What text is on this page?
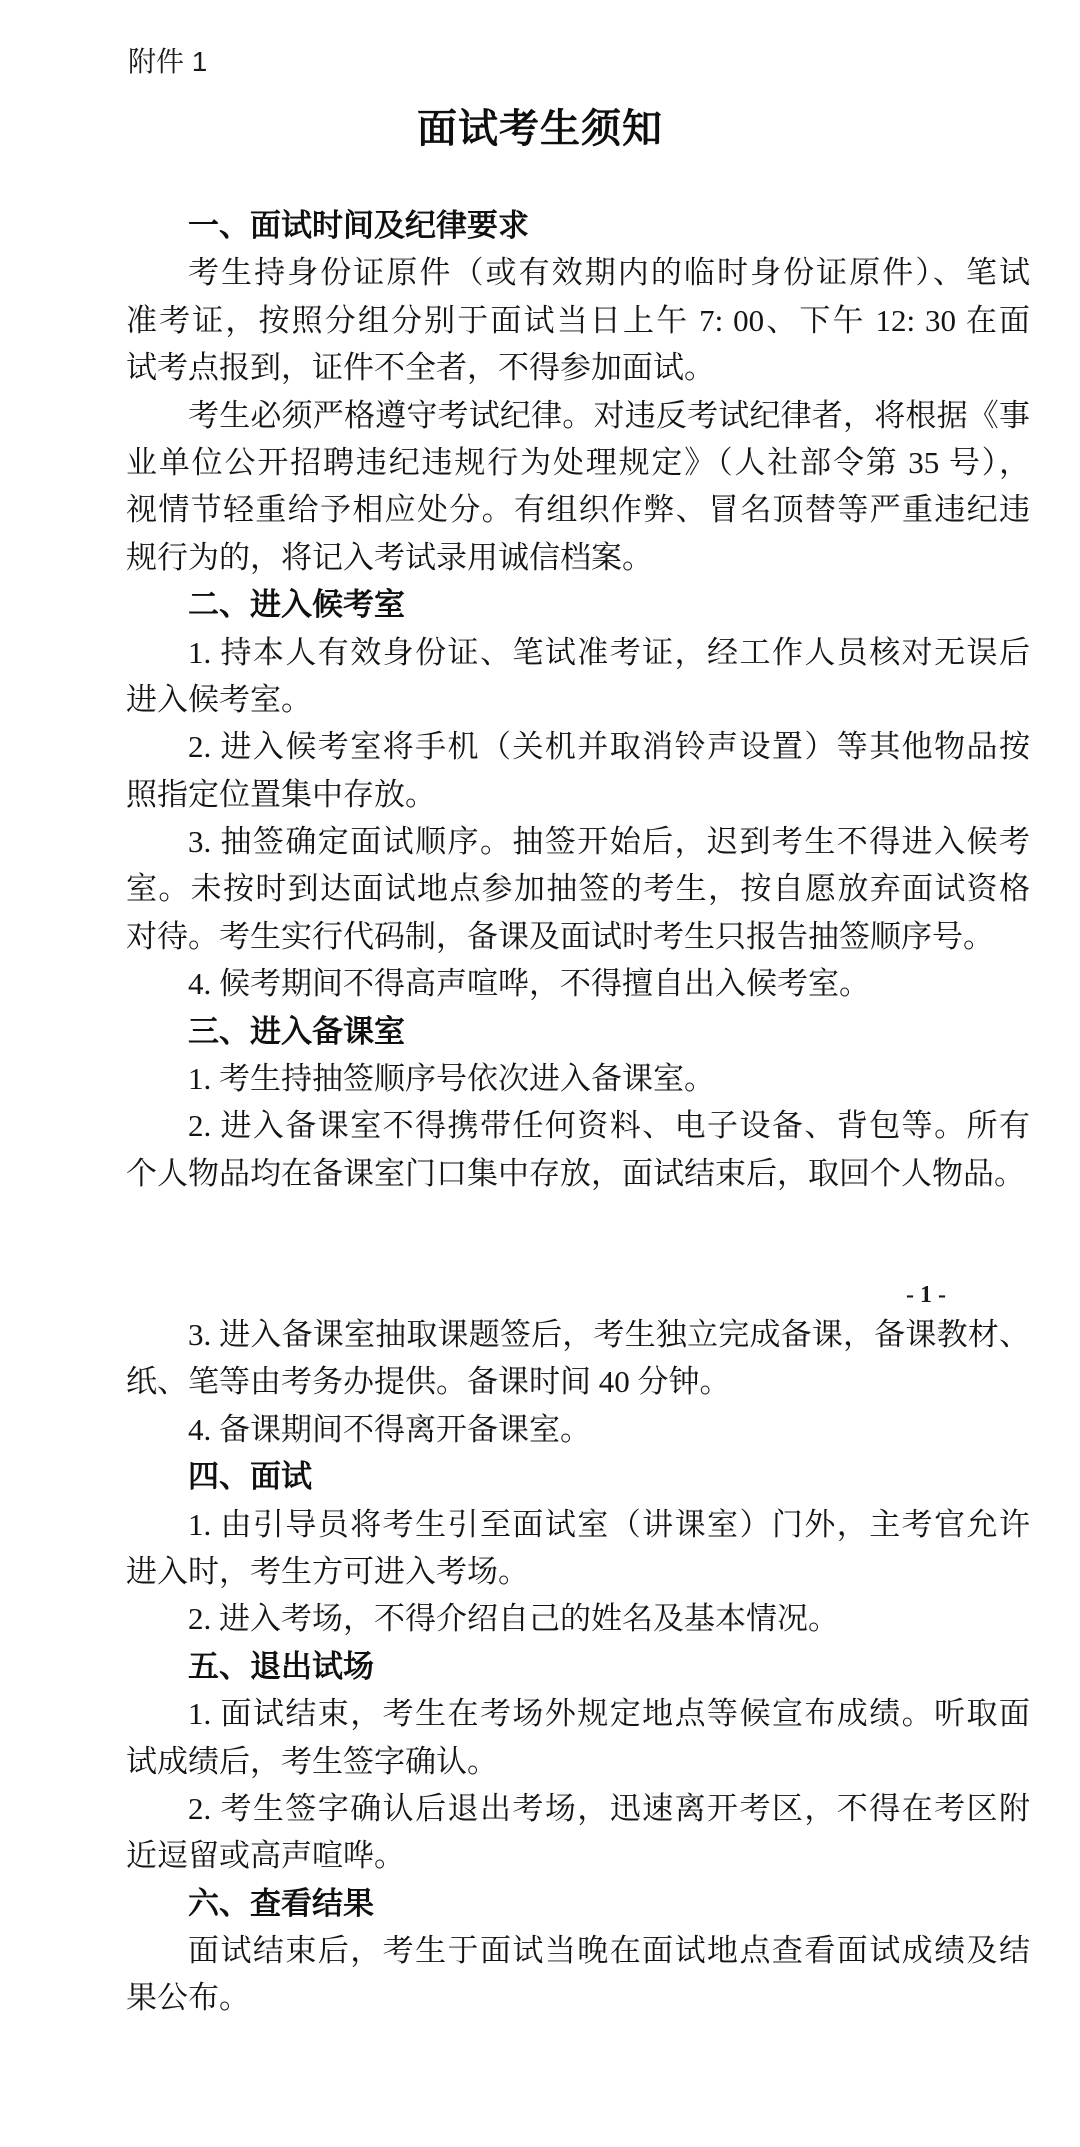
附件 1
面试考生须知
一、面试时间及纪律要求
考生持身份证原件（或有效期内的临时身份证原件）、笔试
准考证，按照分组分别于面试当日上午 7: 00、下午 12: 30 在面
试考点报到，证件不全者，不得参加面试。
考生必须严格遵守考试纪律。对违反考试纪律者，将根据《事
业单位公开招聘违纪违规行为处理规定》（人社部令第 35 号），
视情节轻重给予相应处分。有组织作弊、冒名顶替等严重违纪违
规行为的，将记入考试录用诚信档案。
二、进入候考室
1. 持本人有效身份证、笔试准考证，经工作人员核对无误后
进入候考室。
2. 进入候考室将手机（关机并取消铃声设置）等其他物品按
照指定位置集中存放。
3. 抽签确定面试顺序。抽签开始后，迟到考生不得进入候考
室。未按时到达面试地点参加抽签的考生，按自愿放弃面试资格
对待。考生实行代码制，备课及面试时考生只报告抽签顺序号。
4. 候考期间不得高声喧哗，不得擅自出入候考室。
三、进入备课室
1. 考生持抽签顺序号依次进入备课室。
2. 进入备课室不得携带任何资料、电子设备、背包等。所有
个人物品均在备课室门口集中存放，面试结束后，取回个人物品。
- 1 -
3. 进入备课室抽取课题签后，考生独立完成备课，备课教材、
纸、笔等由考务办提供。备课时间 40 分钟。
4. 备课期间不得离开备课室。
四、面试
1. 由引导员将考生引至面试室（讲课室）门外，主考官允许
进入时，考生方可进入考场。
2. 进入考场，不得介绍自己的姓名及基本情况。
五、退出试场
1. 面试结束，考生在考场外规定地点等候宣布成绩。听取面
试成绩后，考生签字确认。
2. 考生签字确认后退出考场，迅速离开考区，不得在考区附
近逗留或高声喧哗。
六、查看结果
面试结束后，考生于面试当晚在面试地点查看面试成绩及结
果公布。
